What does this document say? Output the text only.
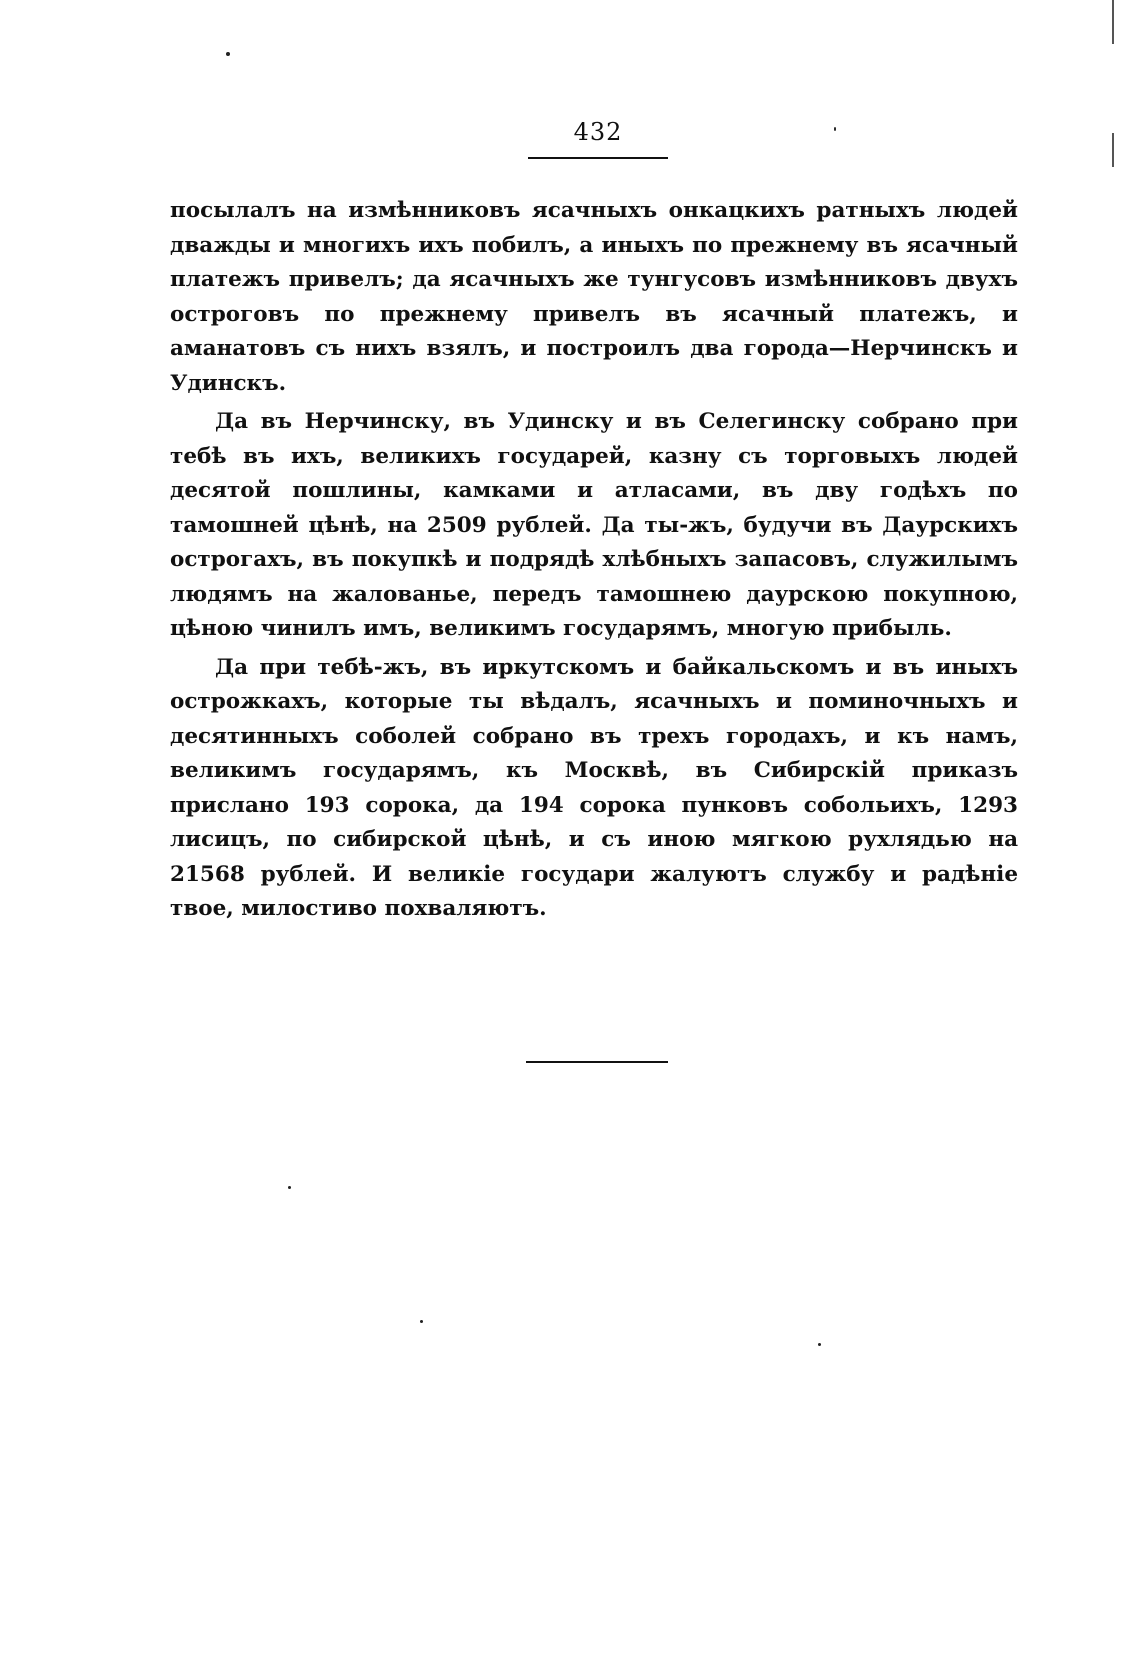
432

посылалъ на измѣнниковъ ясачныхъ онкацкихъ ратныхъ людей дважды и многихъ ихъ побилъ, а иныхъ по прежнему въ ясачный платежъ привелъ; да ясачныхъ же тунгусовъ измѣнниковъ двухъ остроговъ по прежнему привелъ въ ясачный платежъ, и аманатовъ съ нихъ взялъ, и построилъ два города—Нерчинскъ и Удинскъ.

Да въ Нерчинску, въ Удинску и въ Селегинску собрано при тебѣ въ ихъ, великихъ государей, казну съ торговыхъ людей десятой пошлины, камками и атласами, въ дву годѣхъ по тамошней цѣнѣ, на 2509 рублей. Да ты-жъ, будучи въ Даурскихъ острогахъ, въ покупкѣ и подрядѣ хлѣбныхъ запасовъ, служилымъ людямъ на жалованье, передъ тамошнею даурскою покупною, цѣною чинилъ имъ, великимъ государямъ, многую прибыль.

Да при тебѣ-жъ, въ иркутскомъ и байкальскомъ и въ иныхъ острожкахъ, которые ты вѣдалъ, ясачныхъ и поминочныхъ и десятинныхъ соболей собрано въ трехъ городахъ, и къ намъ, великимъ государямъ, къ Москвѣ, въ Сибирскій приказъ прислано 193 сорока, да 194 сорока пунковъ собольихъ, 1293 лисицъ, по сибирской цѣнѣ, и съ иною мягкою рухлядью на 21568 рублей. И великіе государи жалуютъ службу и радѣніе твое, милостиво похваляютъ.
